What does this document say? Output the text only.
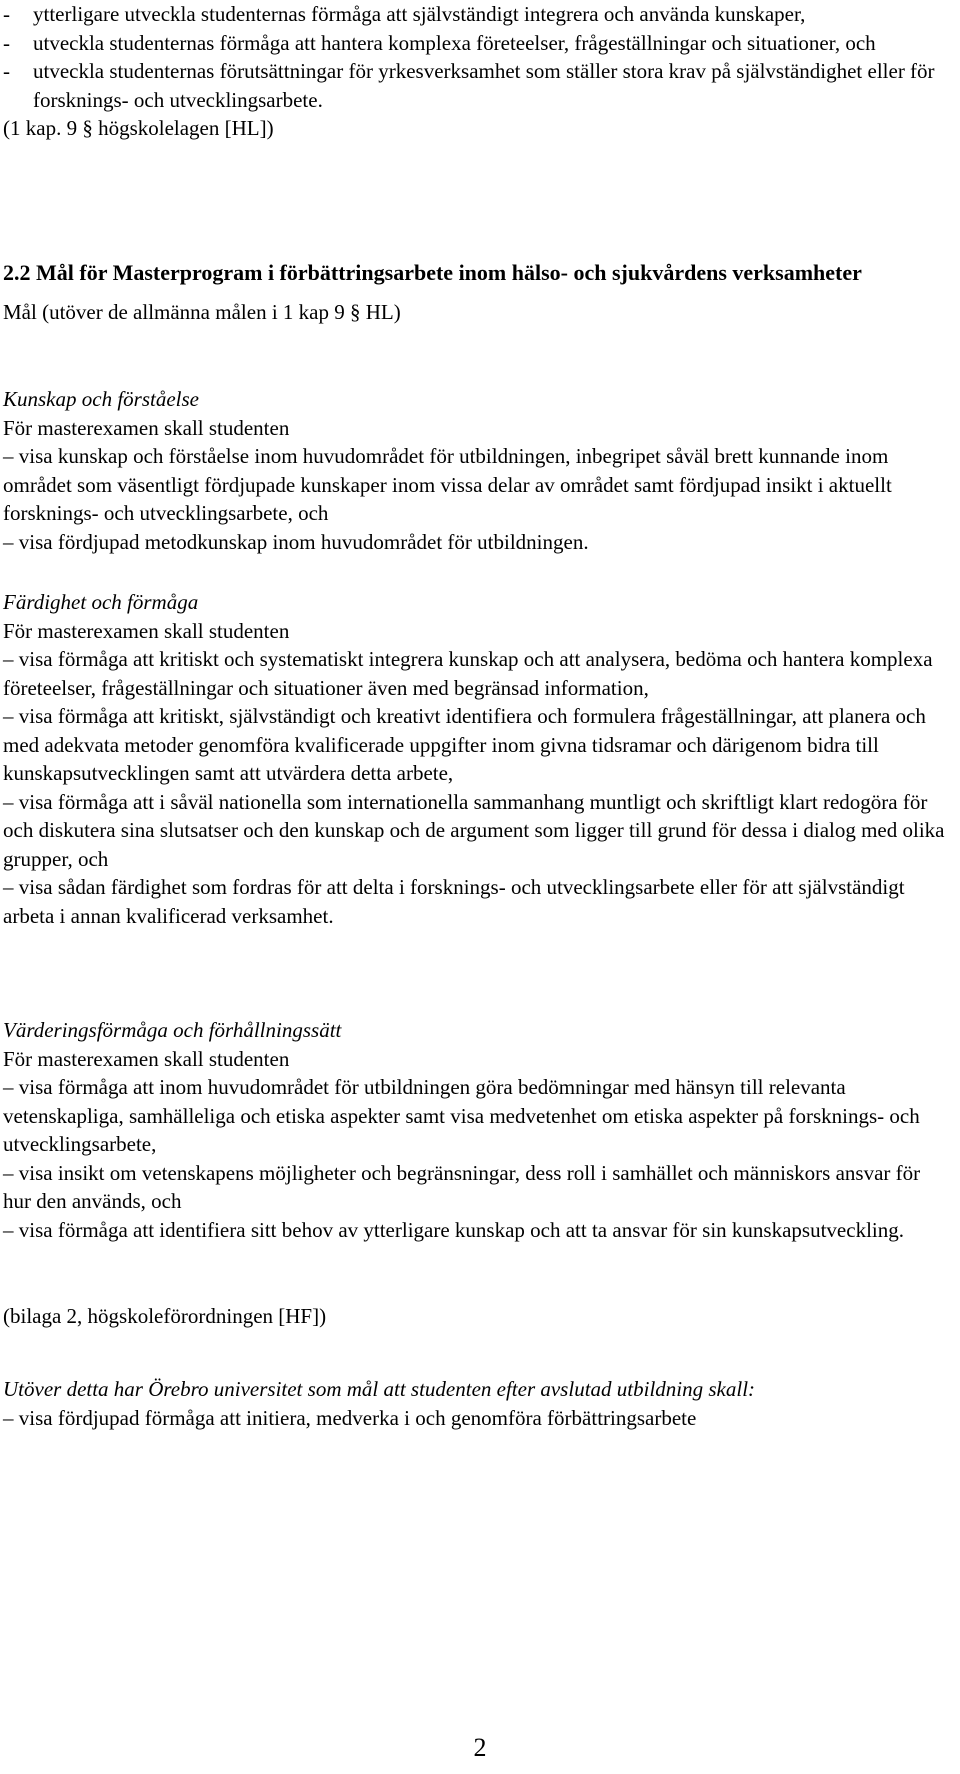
- ytterligare utveckla studenternas förmåga att självständigt integrera och använda kunskaper,
- utveckla studenternas förmåga att hantera komplexa företeelser, frågeställningar och situationer, och
- utveckla studenternas förutsättningar för yrkesverksamhet som ställer stora krav på självständighet eller för forsknings- och utvecklingsarbete.

(1 kap. 9 § högskolelagen [HL])

2.2 Mål för Masterprogram i förbättringsarbete inom hälso- och sjukvårdens verksamheter

Mål (utöver de allmänna målen i 1 kap 9 § HL)

Kunskap och förståelse

För masterexamen skall studenten

– visa kunskap och förståelse inom huvudområdet för utbildningen, inbegripet såväl brett kunnande inom området som väsentligt fördjupade kunskaper inom vissa delar av området samt fördjupad insikt i aktuellt forsknings- och utvecklingsarbete, och

– visa fördjupad metodkunskap inom huvudområdet för utbildningen.

Färdighet och förmåga

För masterexamen skall studenten

– visa förmåga att kritiskt och systematiskt integrera kunskap och att analysera, bedöma och hantera komplexa företeelser, frågeställningar och situationer även med begränsad information,

– visa förmåga att kritiskt, självständigt och kreativt identifiera och formulera frågeställningar, att planera och med adekvata metoder genomföra kvalificerade uppgifter inom givna tidsramar och därigenom bidra till kunskapsutvecklingen samt att utvärdera detta arbete,

– visa förmåga att i såväl nationella som internationella sammanhang muntligt och skriftligt klart redogöra för och diskutera sina slutsatser och den kunskap och de argument som ligger till grund för dessa i dialog med olika grupper, och

– visa sådan färdighet som fordras för att delta i forsknings- och utvecklingsarbete eller för att självständigt arbeta i annan kvalificerad verksamhet.

Värderingsförmåga och förhållningssätt

För masterexamen skall studenten

– visa förmåga att inom huvudområdet för utbildningen göra bedömningar med hänsyn till relevanta vetenskapliga, samhälleliga och etiska aspekter samt visa medvetenhet om etiska aspekter på forsknings- och utvecklingsarbete,

– visa insikt om vetenskapens möjligheter och begränsningar, dess roll i samhället och människors ansvar för hur den används, och

– visa förmåga att identifiera sitt behov av ytterligare kunskap och att ta ansvar för sin kunskapsutveckling.

(bilaga 2, högskoleförordningen [HF])

Utöver detta har Örebro universitet som mål att studenten efter avslutad utbildning skall:

– visa fördjupad förmåga att initiera, medverka i och genomföra förbättringsarbete

2
